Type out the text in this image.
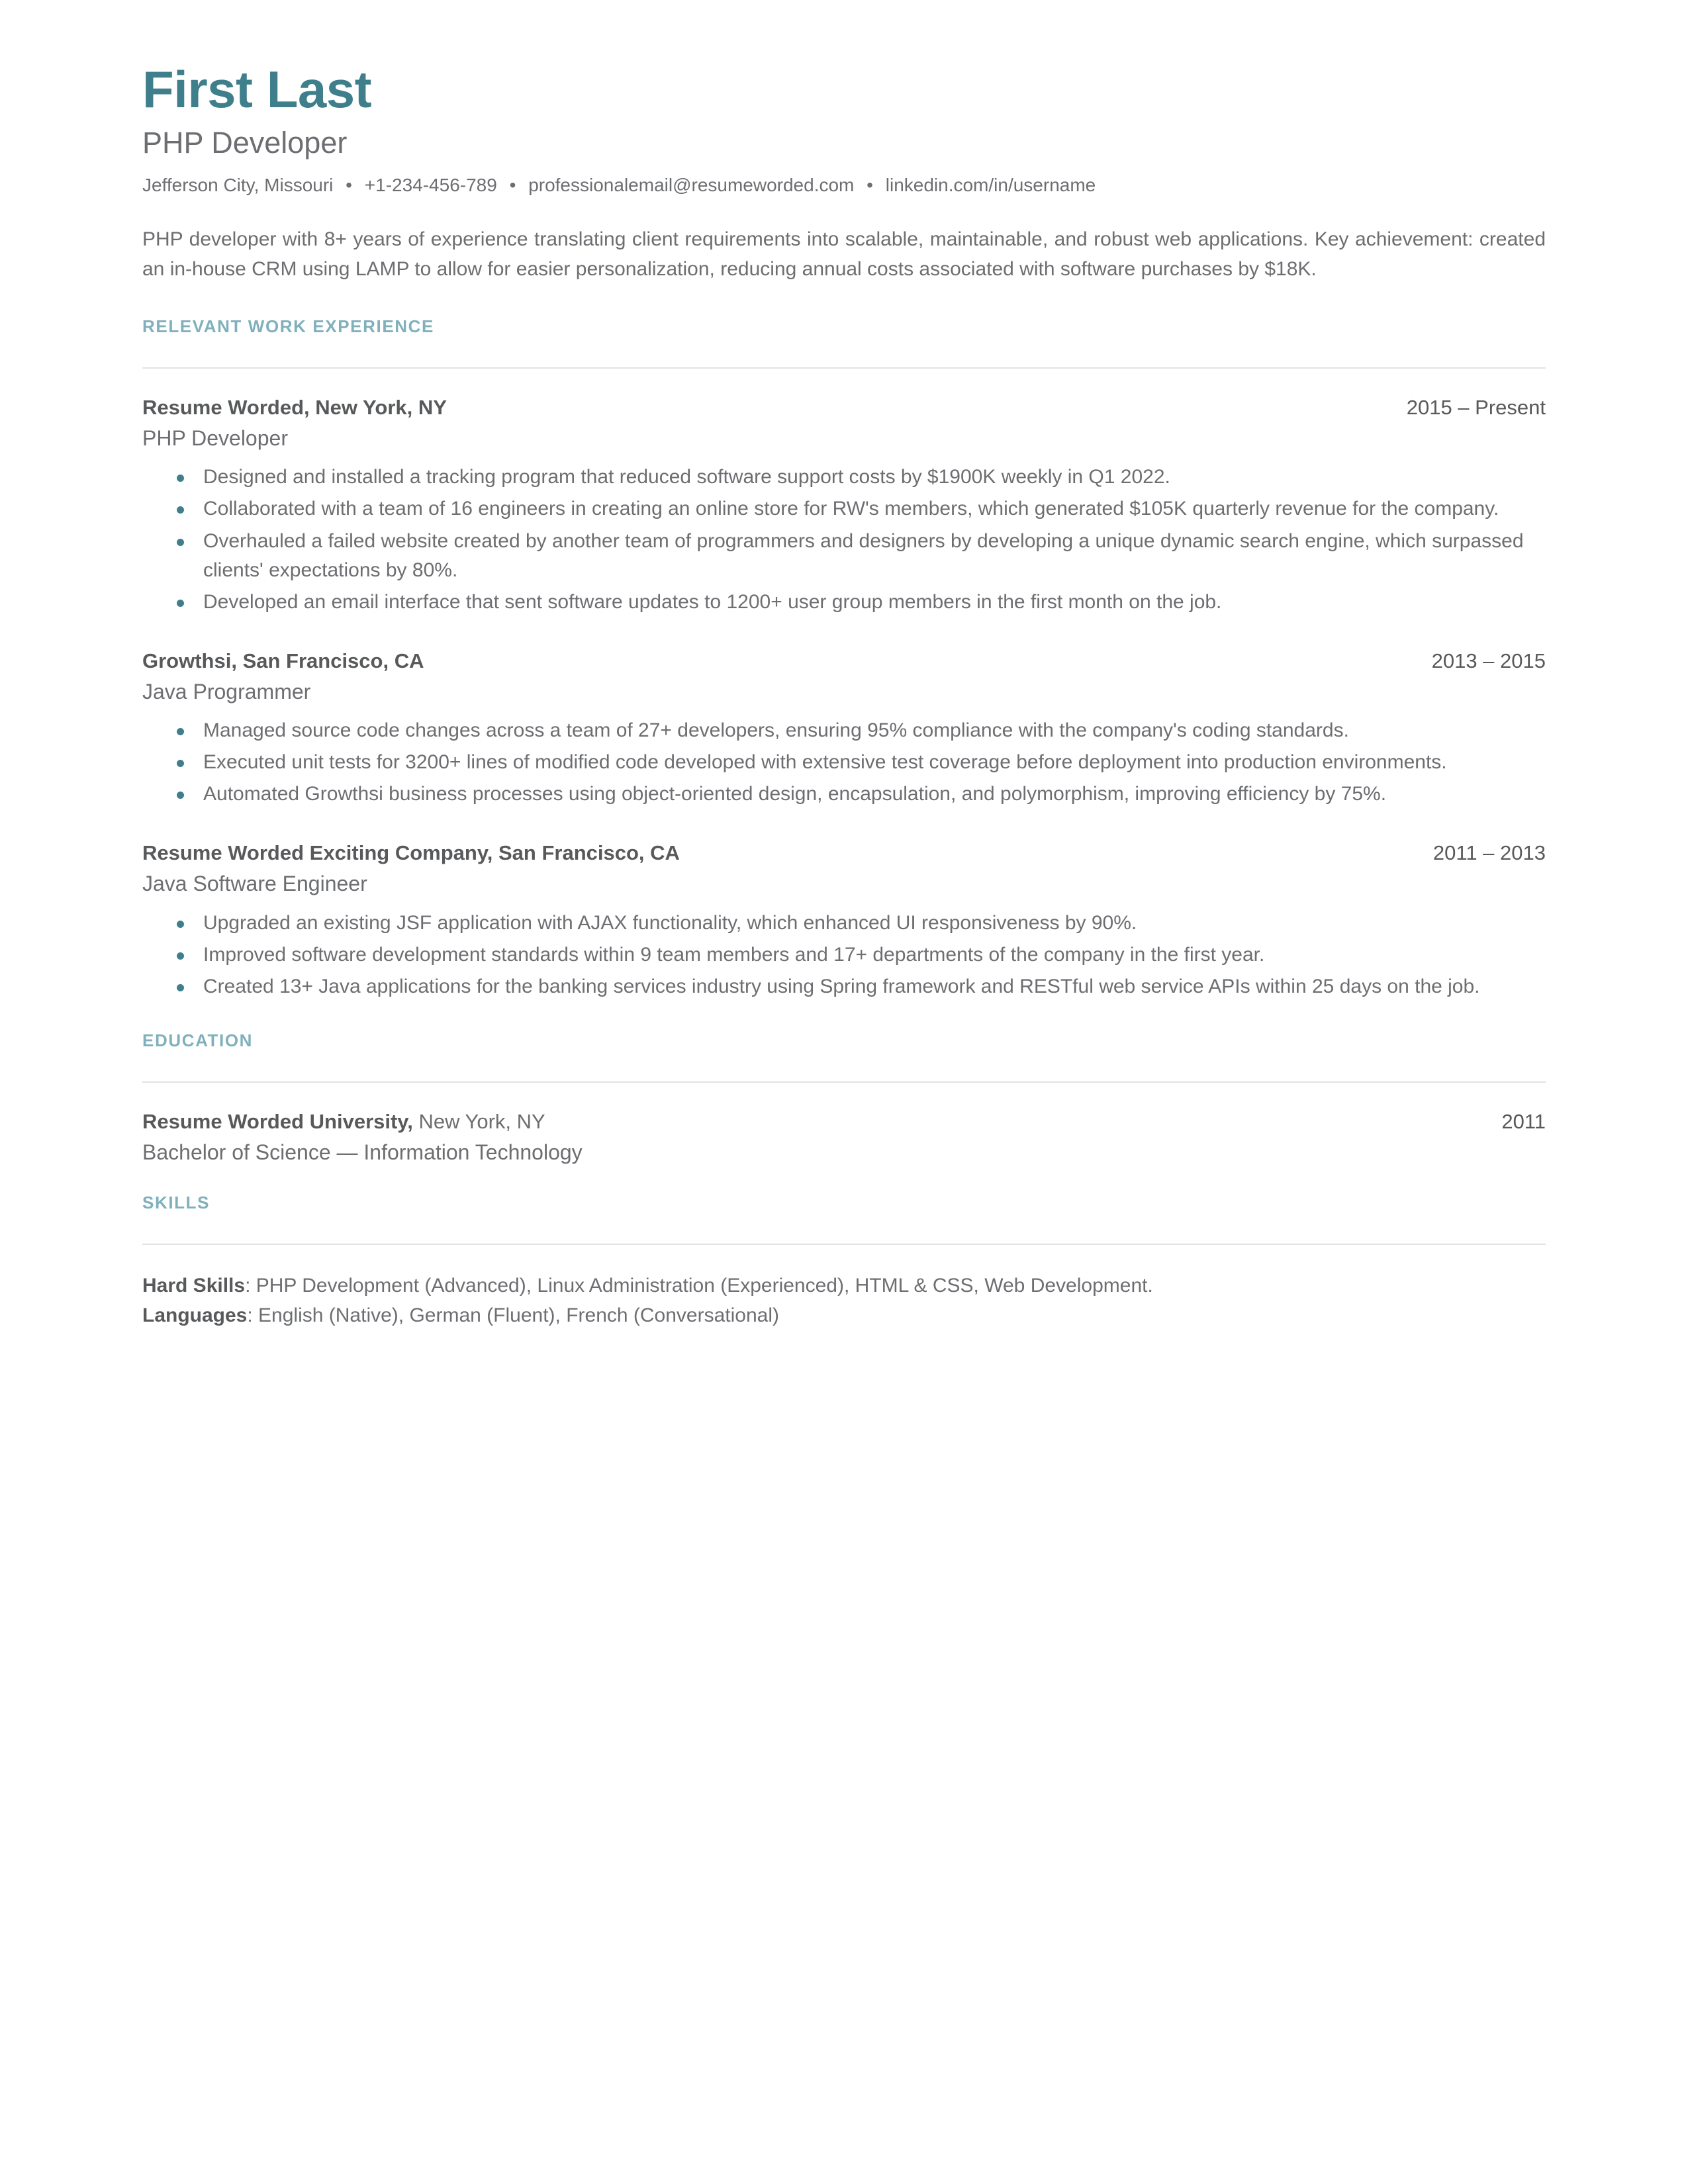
First Last
PHP Developer
Jefferson City, Missouri • +1-234-456-789 • professionalemail@resumeworded.com • linkedin.com/in/username

PHP developer with 8+ years of experience translating client requirements into scalable, maintainable, and robust web applications. Key achievement: created an in-house CRM using LAMP to allow for easier personalization, reducing annual costs associated with software purchases by $18K.

RELEVANT WORK EXPERIENCE
Resume Worded, New York, NY	2015 – Present
PHP Developer
Designed and installed a tracking program that reduced software support costs by $1900K weekly in Q1 2022.
Collaborated with a team of 16 engineers in creating an online store for RW's members, which generated $105K quarterly revenue for the company.
Overhauled a failed website created by another team of programmers and designers by developing a unique dynamic search engine, which surpassed clients' expectations by 80%.
Developed an email interface that sent software updates to 1200+ user group members in the first month on the job.
Growthsi, San Francisco, CA	2013 – 2015
Java Programmer
Managed source code changes across a team of 27+ developers, ensuring 95% compliance with the company's coding standards.
Executed unit tests for 3200+ lines of modified code developed with extensive test coverage before deployment into production environments.
Automated Growthsi business processes using object-oriented design, encapsulation, and polymorphism, improving efficiency by 75%.
Resume Worded Exciting Company, San Francisco, CA	2011 – 2013
Java Software Engineer
Upgraded an existing JSF application with AJAX functionality, which enhanced UI responsiveness by 90%.
Improved software development standards within 9 team members and 17+ departments of the company in the first year.
Created 13+ Java applications for the banking services industry using Spring framework and RESTful web service APIs within 25 days on the job.
EDUCATION
Resume Worded University, New York, NY	2011
Bachelor of Science — Information Technology
SKILLS
Hard Skills: PHP Development (Advanced), Linux Administration (Experienced), HTML & CSS, Web Development.
Languages: English (Native), German (Fluent), French (Conversational)
